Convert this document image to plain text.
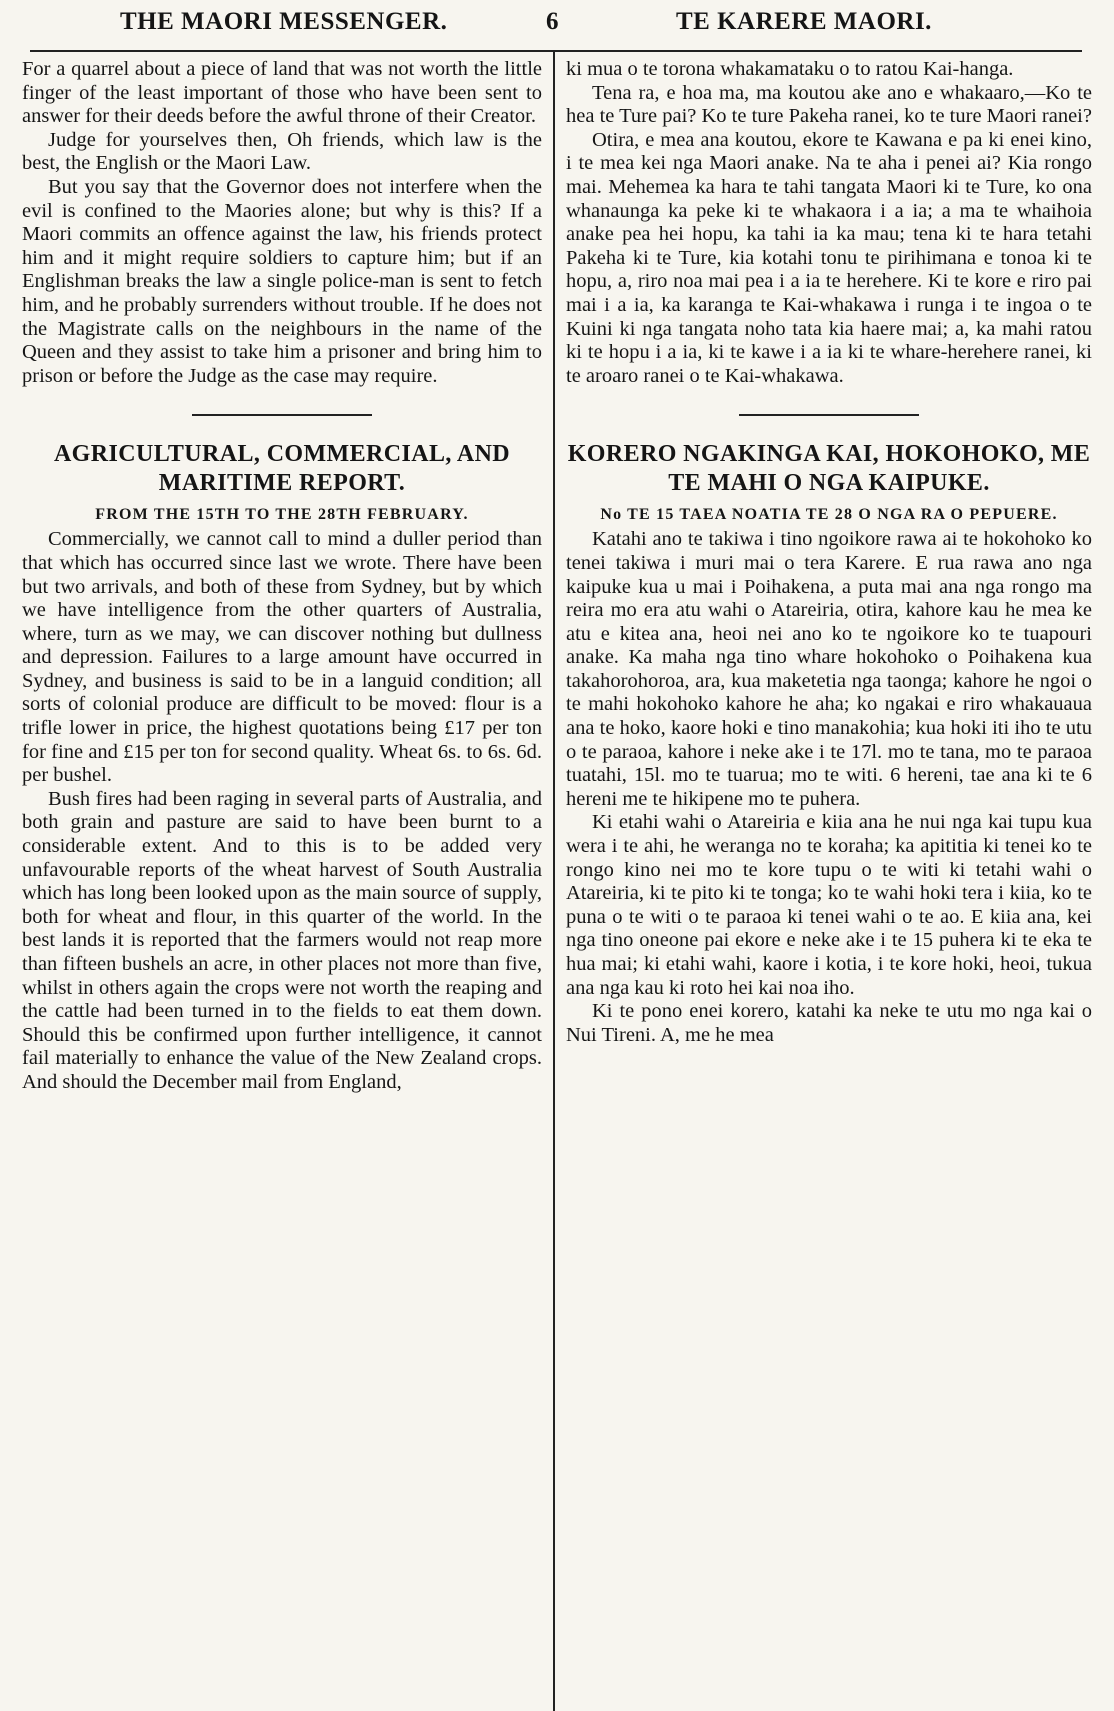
THE MAORI MESSENGER.	6	TE KARERE MAORI.

For a quarrel about a piece of land that was not worth the little finger of the least important of those who have been sent to answer for their deeds before the awful throne of their Creator.

Judge for yourselves then, Oh friends, which law is the best, the English or the Maori Law.

But you say that the Governor does not interfere when the evil is confined to the Maories alone; but why is this? If a Maori commits an offence against the law, his friends protect him and it might require soldiers to capture him; but if an Englishman breaks the law a single police-man is sent to fetch him, and he probably surrenders without trouble. If he does not the Magistrate calls on the neighbours in the name of the Queen and they assist to take him a prisoner and bring him to prison or before the Judge as the case may require.

AGRICULTURAL, COMMERCIAL, AND MARITIME REPORT.
FROM THE 15TH TO THE 28TH FEBRUARY.

Commercially, we cannot call to mind a duller period than that which has occurred since last we wrote. There have been but two arrivals, and both of these from Sydney, but by which we have intelligence from the other quarters of Australia, where, turn as we may, we can discover nothing but dullness and depression. Failures to a large amount have occurred in Sydney, and business is said to be in a languid condition; all sorts of colonial produce are difficult to be moved: flour is a trifle lower in price, the highest quotations being £17 per ton for fine and £15 per ton for second quality. Wheat 6s. to 6s. 6d. per bushel.

Bush fires had been raging in several parts of Australia, and both grain and pasture are said to have been burnt to a considerable extent. And to this is to be added very unfavourable reports of the wheat harvest of South Australia which has long been looked upon as the main source of supply, both for wheat and flour, in this quarter of the world. In the best lands it is reported that the farmers would not reap more than fifteen bushels an acre, in other places not more than five, whilst in others again the crops were not worth the reaping and the cattle had been turned in to the fields to eat them down. Should this be confirmed upon further intelligence, it cannot fail materially to enhance the value of the New Zealand crops. And should the December mail from England,

ki mua o te torona whakamataku o to ratou Kai-hanga.

Tena ra, e hoa ma, ma koutou ake ano e whakaaro,—Ko te hea te Ture pai? Ko te ture Pakeha ranei, ko te ture Maori ranei?

Otira, e mea ana koutou, ekore te Kawana e pa ki enei kino, i te mea kei nga Maori anake. Na te aha i penei ai? Kia rongo mai. Mehemea ka hara te tahi tangata Maori ki te Ture, ko ona whanaunga ka peke ki te whakaora i a ia; a ma te whaihoia anake pea hei hopu, ka tahi ia ka mau; tena ki te hara tetahi Pakeha ki te Ture, kia kotahi tonu te pirihimana e tonoa ki te hopu, a, riro noa mai pea i a ia te herehere. Ki te kore e riro pai mai i a ia, ka karanga te Kai-whakawa i runga i te ingoa o te Kuini ki nga tangata noho tata kia haere mai; a, ka mahi ratou ki te hopu i a ia, ki te kawe i a ia ki te whare-herehere ranei, ki te aroaro ranei o te Kai-whakawa.

KORERO NGAKINGA KAI, HOKOHOKO, ME TE MAHI O NGA KAIPUKE.
No TE 15 TAEA NOATIA TE 28 O NGA RA O PEPUERE.

Katahi ano te takiwa i tino ngoikore rawa ai te hokohoko ko tenei takiwa i muri mai o tera Karere. E rua rawa ano nga kaipuke kua u mai i Poihakena, a puta mai ana nga rongo ma reira mo era atu wahi o Atareiria, otira, kahore kau he mea ke atu e kitea ana, heoi nei ano ko te ngoikore ko te tuapouri anake. Ka maha nga tino whare hokohoko o Poihakena kua takahorohoroa, ara, kua maketetia nga taonga; kahore he ngoi o te mahi hokohoko kahore he aha; ko ngakai e riro whakauaua ana te hoko, kaore hoki e tino manakohia; kua hoki iti iho te utu o te paraoa, kahore i neke ake i te 17l. mo te tana, mo te paraoa tuatahi, 15l. mo te tuarua; mo te witi. 6 hereni, tae ana ki te 6 hereni me te hikipene mo te puhera.

Ki etahi wahi o Atareiria e kiia ana he nui nga kai tupu kua wera i te ahi, he weranga no te koraha; ka apititia ki tenei ko te rongo kino nei mo te kore tupu o te witi ki tetahi wahi o Atareiria, ki te pito ki te tonga; ko te wahi hoki tera i kiia, ko te puna o te witi o te paraoa ki tenei wahi o te ao. E kiia ana, kei nga tino oneone pai ekore e neke ake i te 15 puhera ki te eka te hua mai; ki etahi wahi, kaore i kotia, i te kore hoki, heoi, tukua ana nga kau ki roto hei kai noa iho.

Ki te pono enei korero, katahi ka neke te utu mo nga kai o Nui Tireni. A, me he mea
